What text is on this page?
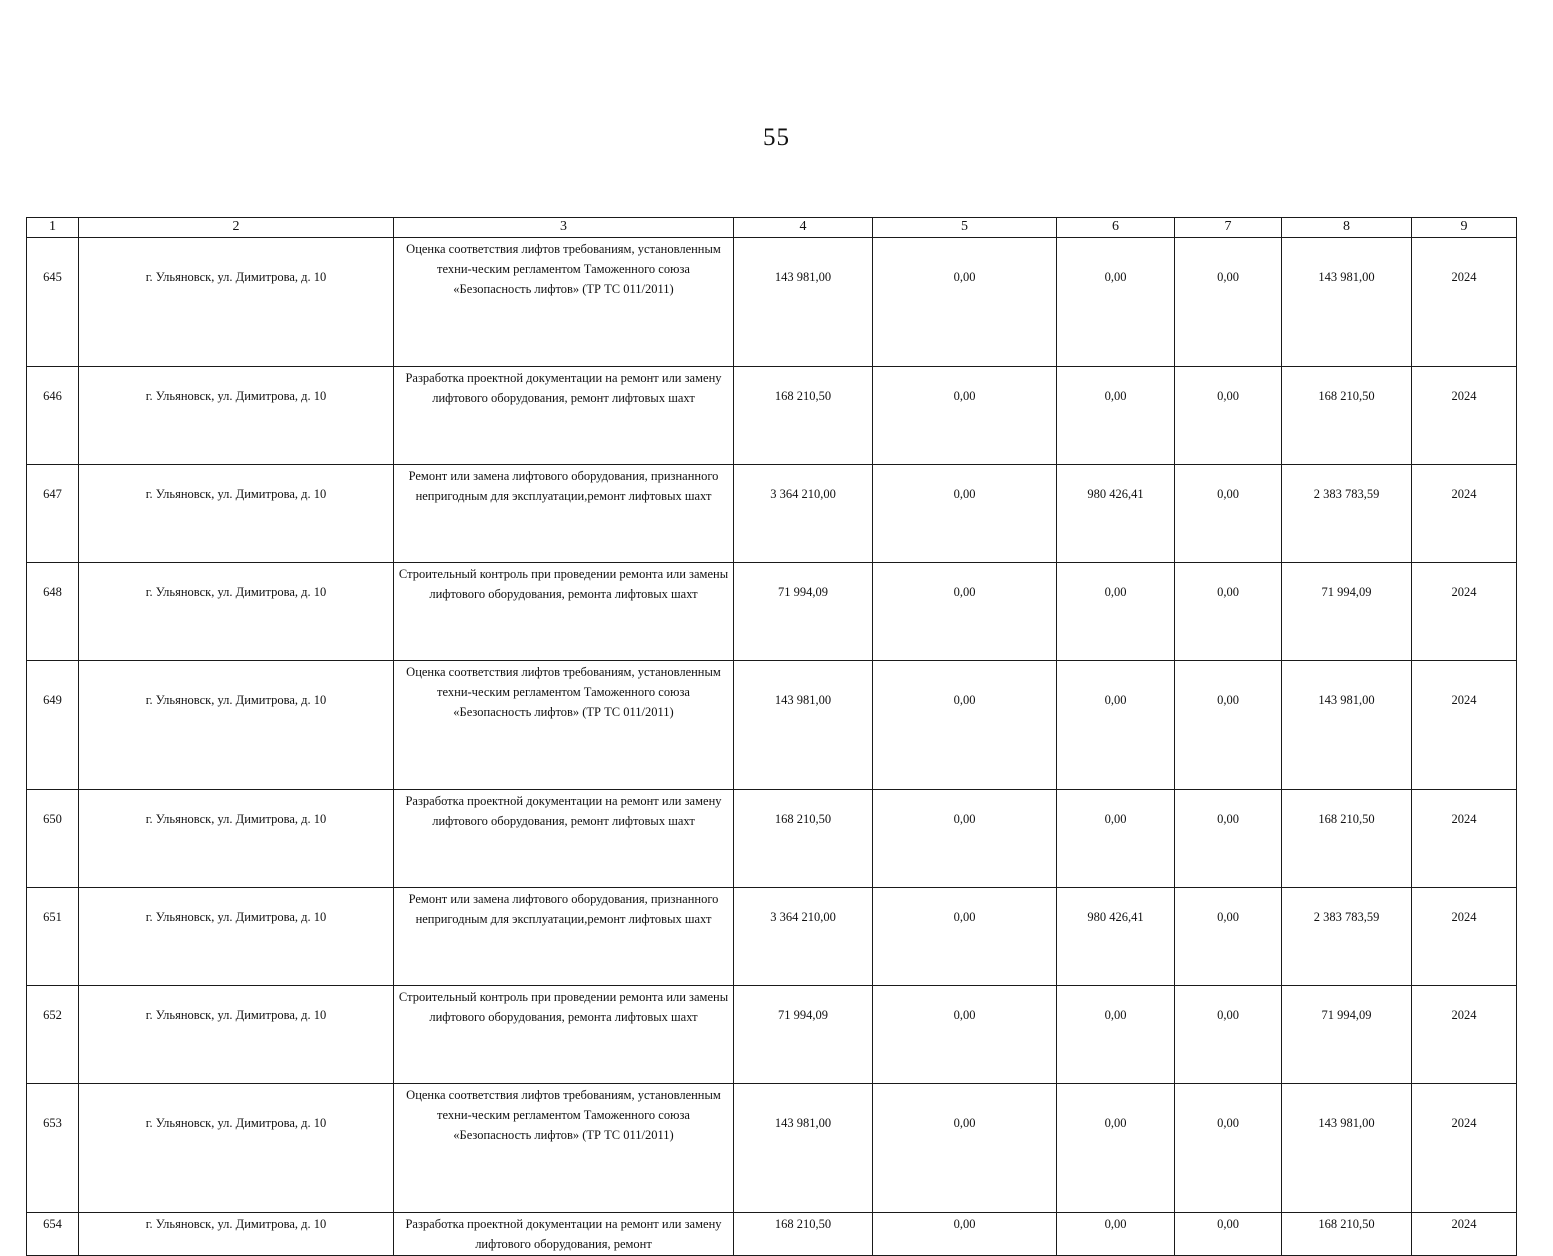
55
1	2	3	4	5	6	7	8	9
645	г. Ульяновск, ул. Димитрова, д. 10	Оценка соответствия лифтов требованиям, установленным техни-ческим регламентом Таможенного союза «Безопасность лифтов» (ТР ТС 011/2011)	143 981,00	0,00	0,00	0,00	143 981,00	2024
646	г. Ульяновск, ул. Димитрова, д. 10	Разработка проектной документации на ремонт или замену лифтового оборудования, ремонт лифтовых шахт	168 210,50	0,00	0,00	0,00	168 210,50	2024
647	г. Ульяновск, ул. Димитрова, д. 10	Ремонт или замена лифтового оборудования, признанного непригодным для эксплуатации,ремонт лифтовых шахт	3 364 210,00	0,00	980 426,41	0,00	2 383 783,59	2024
648	г. Ульяновск, ул. Димитрова, д. 10	Строительный контроль при проведении ремонта или замены лифтового оборудования, ремонта лифтовых шахт	71 994,09	0,00	0,00	0,00	71 994,09	2024
649	г. Ульяновск, ул. Димитрова, д. 10	Оценка соответствия лифтов требованиям, установленным техни-ческим регламентом Таможенного союза «Безопасность лифтов» (ТР ТС 011/2011)	143 981,00	0,00	0,00	0,00	143 981,00	2024
650	г. Ульяновск, ул. Димитрова, д. 10	Разработка проектной документации на ремонт или замену лифтового оборудования, ремонт лифтовых шахт	168 210,50	0,00	0,00	0,00	168 210,50	2024
651	г. Ульяновск, ул. Димитрова, д. 10	Ремонт или замена лифтового оборудования, признанного непригодным для эксплуатации,ремонт лифтовых шахт	3 364 210,00	0,00	980 426,41	0,00	2 383 783,59	2024
652	г. Ульяновск, ул. Димитрова, д. 10	Строительный контроль при проведении ремонта или замены лифтового оборудования, ремонта лифтовых шахт	71 994,09	0,00	0,00	0,00	71 994,09	2024
653	г. Ульяновск, ул. Димитрова, д. 10	Оценка соответствия лифтов требованиям, установленным техни-ческим регламентом Таможенного союза «Безопасность лифтов» (ТР ТС 011/2011)	143 981,00	0,00	0,00	0,00	143 981,00	2024
654	г. Ульяновск, ул. Димитрова, д. 10	Разработка проектной документации на ремонт или замену лифтового оборудования, ремонт	168 210,50	0,00	0,00	0,00	168 210,50	2024
